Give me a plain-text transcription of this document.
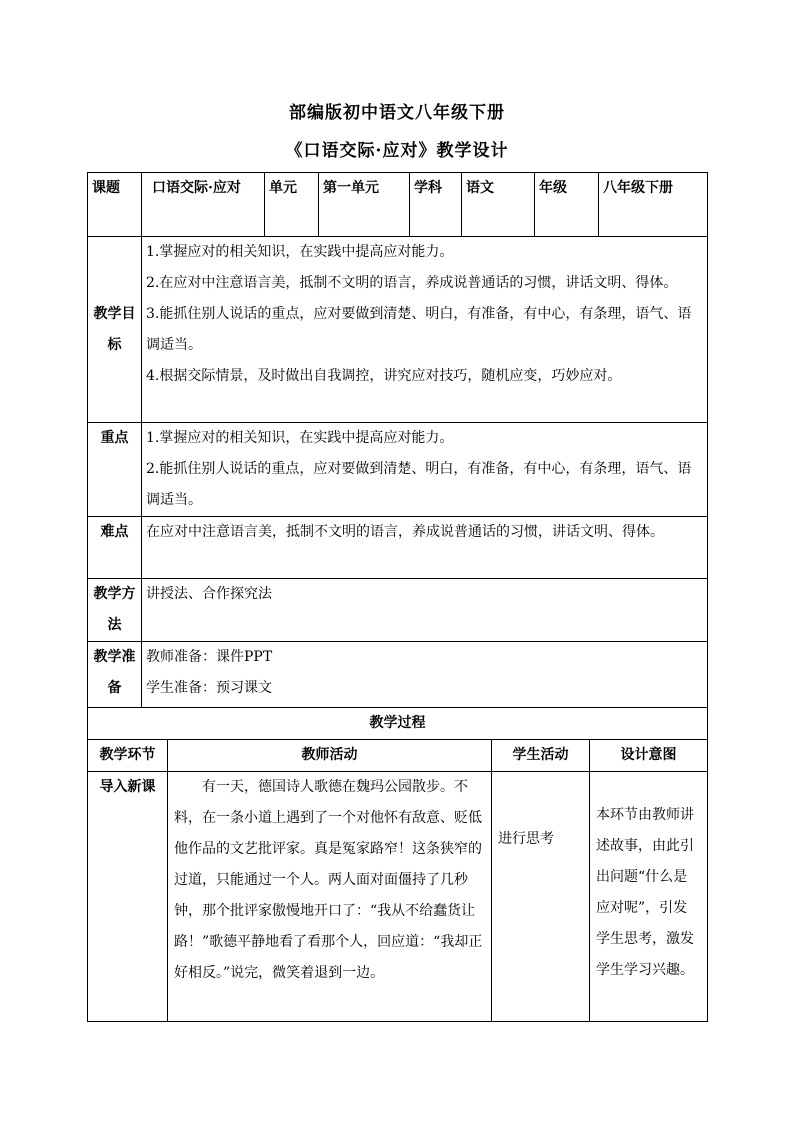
部编版初中语文八年级下册
《口语交际·应对》教学设计
课题	口语交际·应对	单元	第一单元	学科	语文	年级	八年级下册
教学目标	1.掌握应对的相关知识，在实践中提高应对能力。
2.在应对中注意语言美，抵制不文明的语言，养成说普通话的习惯，讲话文明、得体。
3.能抓住别人说话的重点，应对要做到清楚、明白，有准备，有中心，有条理，语气、语调适当。
4.根据交际情景，及时做出自我调控，讲究应对技巧，随机应变，巧妙应对。						

重点	1.掌握应对的相关知识，在实践中提高应对能力。
2.能抓住别人说话的重点，应对要做到清楚、明白，有准备，有中心，有条理，语气、语调适当。						

难点	在应对中注意语言美，抵制不文明的语言，养成说普通话的习惯，讲话文明、得体。						
教学方法	讲授法、合作探究法						
教学准备	教师准备：课件PPT
学生准备：预习课文						
教学过程			
教学环节	教师活动	学生活动	设计意图
导入新课	有一天，德国诗人歌德在魏玛公园散步。不料，在一条小道上遇到了一个对他怀有敌意、贬低他作品的文艺批评家。真是冤家路窄！这条狭窄的过道，只能通过一个人。两人面对面僵持了几秒钟，那个批评家傲慢地开口了：“我从不给蠢货让路！”歌德平静地看了看那个人，回应道：“我却正好相反。”说完，微笑着退到一边。	进行思考	本环节由教师讲述故事，由此引出问题“什么是应对呢”，引发学生思考，激发学生学习兴趣。
